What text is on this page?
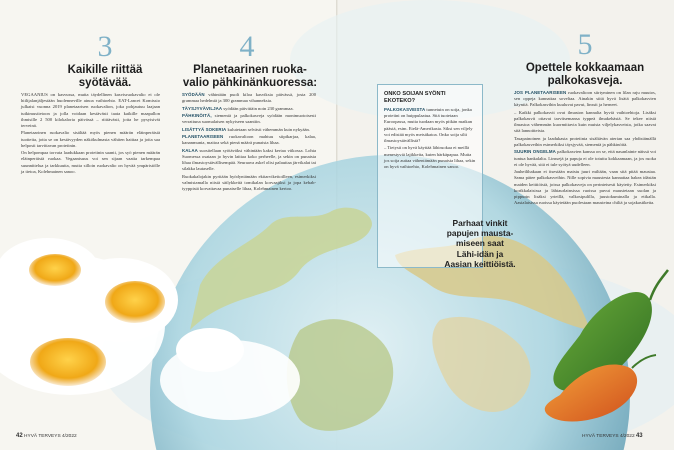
3
Kaikille riittää
syötävää.

VEGAANIUS on kasvussa, mutta täydellinen kasvisruokavalio ei ole hiilijalanjäljestään huolenneville ainoa vaihtoehto. EAT-Lancet Komissio julkaisi vuonna 2019 planetaarisen ruokavalion, joka pohjautuu laajaan tutkimustietoon ja jolla voidaan kestävästi taata kaikille maapallon ihmisille 2 500 kilokaloria päivässä – riittävästi, jotta he pysyisivät terveinä.

Planetaarinen ruokavalio sisältää myös pienen määrän eläinperäisiä tuotteita, jotta se on kestävyyden näkökulmasta vähiten haittaa ja joita saa helposti tarvittavan proteiinin.

On helpompaa torvata laadukkaan proteiinin saanti, jos syö pienen määrän eläinperäistä ruokaa. Vegaanisuus voi sen sijaan vaatia tarkempaa suunnittelua ja tarkkuutta, mutta silloin ruokavalio on hyvää ympäristölle ja tietoa, Kolehmainen sanoo.

4
Planetaarinen ruoka-
valio pähkinänkuoressa:

SYÖDÄÄN vähintään puoli kiloa kasviksia päivässä, josta 200 grammaa hedelmiä ja 300 grammaa vihanneksia.

TÄYSJYVÄVILJAA syödään päivittäin noin 230 grammaa.

PÄHKINÖITÄ, siemeniä ja palkokasveja syödään monimuotoisesti verrattuna suomalaisen nykyiseen saantiin.

LISÄTTYÄ SOKERIA kulutetaan selvästi vähemmän kuin nykyään.

PLANETAARISEEN ruokavalioon mahtuu siipikarjaa, kalaa, kananmunia, maitoa sekä pienä määrä punaista lihaa.

KALAA suositellaan syötäväksi vähintään kaksi kertaa viikossa. Lohta Suomessa osataan jo hyvin laittaa koko perheelle, ja sekin on punaista lihaa ilmastoystävällisempää. Seuraava askel olisi palauttaa järvikalat tai silakka lautaselle.

Ruokakalojakin pyritään hyödyntämään ekitarvikeitoilleen, esimerkiksi valmistamalla niistä säilykkeitä tomikalan korvaajiksi ja jopa kebab-tyyppistä korvattavaa punaiselle lihaa, Kolehmainen kertoo.

ONKO SOIJAN SYÖNTI
EKOTEKO?

PALKOKASVEISTA tunnetuin on soija, jonka proteiini on huippulaatua. Sitä tuotetaan Euroopassa, mutta tuodaan myös pitkän matkan päästä, esim. Etelä-Amerikasta. Siksi sen viljely voi edistää myös metsäkatoa. Onko soija silti ilmastoystävällistä?

– Tietysti on hyvä käyttää lähiruokaa ei meillä menestyviä lajikkeita, kuten härkäpapua. Mutta jos soija auttaa vähentämään punaista lihaa, sekin on hyvä vaihtoehto, Kolehmainen sanoo.

5
Opettele kokkaamaan
palkokasveja.

JOS PLANETAARISEEN ruokavalioon siirtyminen on lilan raju muutos, sen oppeja kannattaa soveltaa. Ainakin siitä hyvä lisätä palkokasvien käyntiä. Palkokasvihin kuuluvat pavut, linssit ja herneet.

– Kaikki palkokasvit ovat ilmaston kannalta hyviä vaihtoehtoja. Lisäksi palkokasvit ottavat tarvitsemansa typpeä ilmakehästä. Se tekee niistä ilmastoa vähemmän kuormittavia kuin muista viljelykasveista, jotka saavat sitä lannoitteista.

Tasapainoinen ja laadukasta proteiinia sisältävän aterian saa yhdistämällä palkokasveihin esimerkiksi täysjyvää, siemeniä ja pähkinöitä.

SUURIN ONGELMA palkokasvien kanssa on se, että nasanlainte näissä voi tuntua hankalalta. Linssejä ja papuja ei ole totuttu kokkaamaan, ja jos ruoka ei ole hyvää, sitä ei tule syötyä uudelleen.

Jauheilihakaan ei itsestään maistu juuri miltään, vaan sitä pitää maustaa. Sama pätee palkokasveihin. Nille sopivia maustesta kannattaa hakea idästän maiden keittiöistä, joissa palkokasveja on perinteisesti käytetty. Esimerkiksi korikkalaisissa ja lähiaurlainsissa ruoissa puvut maustetaan suolan ja pippurin lisäksi yrteillä, valkosipulilla, juustokuminalla ja etikalla. Aasialaisissa ruoissa käytetään puolestaan mausteina chiliä ja sojakastiketta.

Parhaat vinkit
papujen mausta-
miseen saat
Lähi-idän ja
Aasian keittiöistä.
42 HYVÄ TERVEYS 4/2022	HYVÄ TERVEYS 4/2022 43
